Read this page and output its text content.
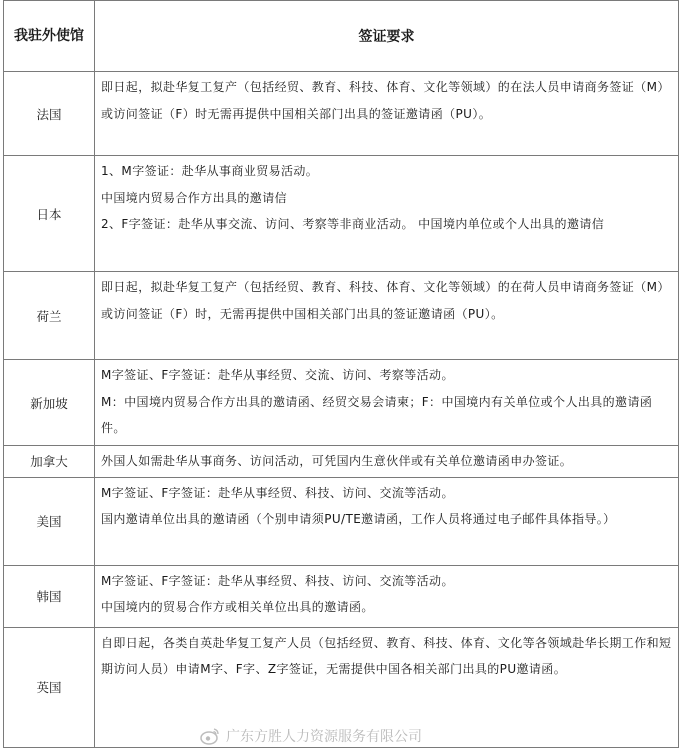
我驻外使馆	签证要求
法国	即日起，拟赴华复工复产（包括经贸、教育、科技、体育、文化等领域）的在法人员申请商务签证（M）或访问签证（F）时无需再提供中国相关部门出具的签证邀请函（PU）。

日本	1、M字签证：赴华从事商业贸易活动。

中国境内贸易合作方出具的邀请信

2、F字签证：赴华从事交流、访问、考察等非商业活动。 中国境内单位或个人出具的邀请信

荷兰	即日起，拟赴华复工复产（包括经贸、教育、科技、体育、文化等领域）的在荷人员申请商务签证（M）或访问签证（F）时，无需再提供中国相关部门出具的签证邀请函（PU）。

新加坡	M字签证、F字签证：赴华从事经贸、交流、访问、考察等活动。

M：中国境内贸易合作方出具的邀请函、经贸交易会请柬；F：中国境内有关单位或个人出具的邀请函件。

加拿大	外国人如需赴华从事商务、访问活动，可凭国内生意伙伴或有关单位邀请函申办签证。

美国	M字签证、F字签证：赴华从事经贸、科技、访问、交流等活动。

国内邀请单位出具的邀请函（个别申请须PU/TE邀请函，工作人员将通过电子邮件具体指导。）

韩国	M字签证、F字签证：赴华从事经贸、科技、访问、交流等活动。

中国境内的贸易合作方或相关单位出具的邀请函。

英国	自即日起，各类自英赴华复工复产人员（包括经贸、教育、科技、体育、文化等各领域赴华长期工作和短期访问人员）申请M字、F字、Z字签证，无需提供中国各相关部门出具的PU邀请函。

广东方胜人力资源服务有限公司
